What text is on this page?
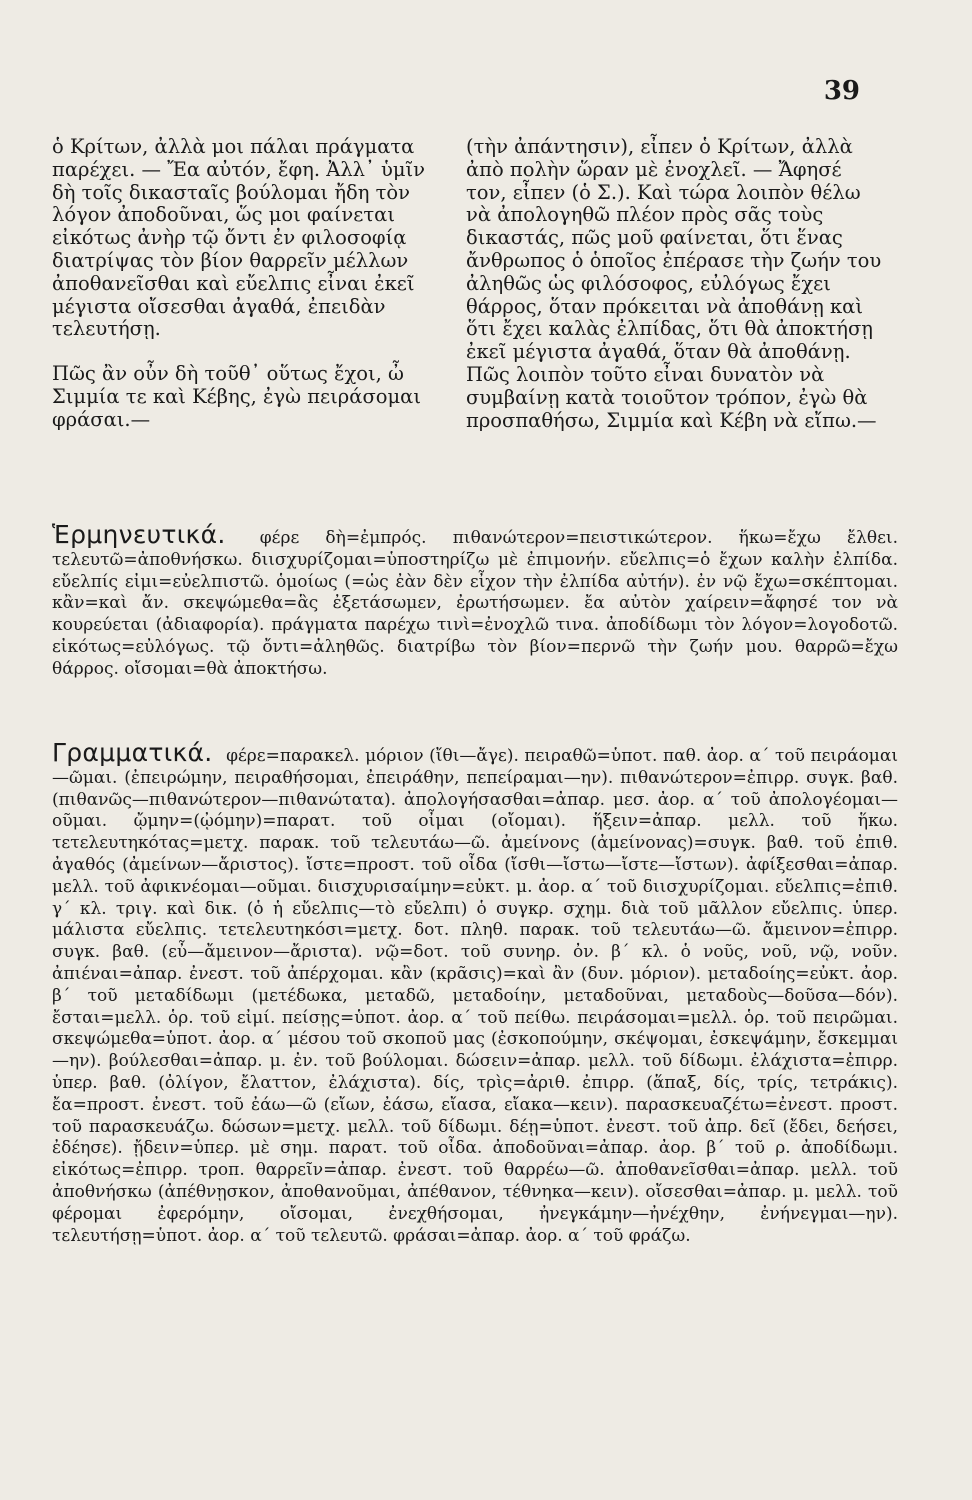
39

ὁ Κρίτων, ἀλλὰ μοι πάλαι πράγματα παρέχει. — Ἔα αὐτόν, ἔφη. Ἀλλ᾽ ὑμῖν δὴ τοῖς δικασταῖς βούλομαι ἤδη τὸν λόγον ἀποδοῦναι, ὥς μοι φαίνεται εἰκότως ἀνὴρ τῷ ὄντι ἐν φιλοσοφίᾳ διατρίψας τὸν βίον θαρρεῖν μέλλων ἀποθανεῖσθαι καὶ εὔελπις εἶναι ἐκεῖ μέγιστα οἴσεσθαι ἀγαθά, ἐπειδὰν τελευτήσῃ.

Πῶς ἂν οὖν δὴ τοῦθ᾽ οὕτως ἔχοι, ὦ Σιμμία τε καὶ Κέβης, ἐγὼ πειράσομαι φράσαι.—

(τὴν ἀπάντησιν), εἶπεν ὁ Κρίτων, ἀλλὰ ἀπὸ πολὴν ὥραν μὲ ἐνοχλεῖ. — Ἄφησέ τον, εἶπεν (ὁ Σ.). Καὶ τώρα λοιπὸν θέλω νὰ ἀπολογηθῶ πλέον πρὸς σᾶς τοὺς δικαστάς, πῶς μοῦ φαίνεται, ὅτι ἕνας ἄνθρωπος ὁ ὁποῖος ἐπέρασε τὴν ζωήν του ἀληθῶς ὡς φιλόσοφος, εὐλόγως ἔχει θάρρος, ὅταν πρόκειται νὰ ἀποθάνῃ καὶ ὅτι ἔχει καλὰς ἐλπίδας, ὅτι θὰ ἀποκτήσῃ ἐκεῖ μέγιστα ἀγαθά, ὅταν θὰ ἀποθάνῃ. Πῶς λοιπὸν τοῦτο εἶναι δυνατὸν νὰ συμβαίνῃ κατὰ τοιοῦτον τρόπον, ἐγὼ θὰ προσπαθήσω, Σιμμία καὶ Κέβη νὰ εἴπω.—

Ἑρμηνευτικά. φέρε δὴ=ἐμπρός. πιθανώτερον=πειστικώτερον. ἥκω=ἔχω ἔλθει. τελευτῶ=ἀποθνήσκω. διισχυρίζομαι=ὑποστηρίζω μὲ ἐπιμονήν. εὔελπις=ὁ ἔχων καλὴν ἐλπίδα. εὔελπίς εἰμι=εὐελπιστῶ. ὁμοίως (=ὡς ἐὰν δὲν εἶχον τὴν ἐλπίδα αὐτήν). ἐν νῷ ἔχω=σκέπτομαι. κἂν=καὶ ἄν. σκεψώμεθα=ἃς ἐξετάσωμεν, ἐρωτήσωμεν. ἔα αὐτὸν χαίρειν=ἄφησέ τον νὰ κουρεύεται (ἀδιαφορία). πράγματα παρέχω τινὶ=ἐνοχλῶ τινα. ἀποδίδωμι τὸν λόγον=λογοδοτῶ. εἰκότως=εὐλόγως. τῷ ὄντι=ἀληθῶς. διατρίβω τὸν βίον=περνῶ τὴν ζωήν μου. θαρρῶ=ἔχω θάρρος. οἴσομαι=θὰ ἀποκτήσω.
Γραμματικά. φέρε=παρακελ. μόριον (ἴθι—ἄγε). πειραθῶ=ὑποτ. παθ. ἀορ. α΄ τοῦ πειράομαι—ῶμαι. (ἐπειρώμην, πειραθήσομαι, ἐπειράθην, πεπείραμαι—ην). πιθανώτερον=ἐπιρρ. συγκ. βαθ. (πιθανῶς—πιθανώτερον—πιθανώτατα). ἀπολογήσασθαι=ἀπαρ. μεσ. ἀορ. α΄ τοῦ ἀπολογέομαι—οῦμαι. ᾤμην=(ᾠόμην)=παρατ. τοῦ οἶμαι (οἴομαι). ἥξειν=ἀπαρ. μελλ. τοῦ ἥκω. τετελευτηκότας=μετχ. παρακ. τοῦ τελευτάω—ῶ. ἀμείνονς (ἀμείνονας)=συγκ. βαθ. τοῦ ἐπιθ. ἀγαθός (ἀμείνων—ἄριστος). ἴστε=προστ. τοῦ οἶδα (ἴσθι—ἴστω—ἴστε—ἴστων). ἀφίξεσθαι=ἀπαρ. μελλ. τοῦ ἀφικνέομαι—οῦμαι. διισχυρισαίμην=εὐκτ. μ. ἀορ. α΄ τοῦ διισχυρίζομαι. εὔελπις=ἐπιθ. γ΄ κλ. τριγ. καὶ δικ. (ὁ ἡ εὔελπις—τὸ εὔελπι) ὁ συγκρ. σχημ. διὰ τοῦ μᾶλλον εὔελπις. ὑπερ. μάλιστα εὔελπις. τετελευτηκόσι=μετχ. δοτ. πληθ. παρακ. τοῦ τελευτάω—ῶ. ἄμεινον=ἐπιρρ. συγκ. βαθ. (εὖ—ἄμεινον—ἄριστα). νῷ=δοτ. τοῦ συνηρ. ὀν. β΄ κλ. ὁ νοῦς, νοῦ, νῷ, νοῦν. ἀπιέναι=ἀπαρ. ἐνεστ. τοῦ ἀπέρχομαι. κἂν (κρᾶσις)=καὶ ἂν (δυν. μόριον). μεταδοίης=εὐκτ. ἀορ. β΄ τοῦ μεταδίδωμι (μετέδωκα, μεταδῶ, μεταδοίην, μεταδοῦναι, μεταδοὺς—δοῦσα—δόν). ἔσται=μελλ. ὁρ. τοῦ εἰμί. πείσῃς=ὑποτ. ἀορ. α΄ τοῦ πείθω. πειράσομαι=μελλ. ὁρ. τοῦ πειρῶμαι. σκεψώμεθα=ὑποτ. ἀορ. α΄ μέσου τοῦ σκοποῦ μας (ἐσκοπούμην, σκέψομαι, ἐσκεψάμην, ἔσκεμμαι—ην). βούλεσθαι=ἀπαρ. μ. ἐν. τοῦ βούλομαι. δώσειν=ἀπαρ. μελλ. τοῦ δίδωμι. ἐλάχιστα=ἐπιρρ. ὑπερ. βαθ. (ὀλίγον, ἔλαττον, ἐλάχιστα). δίς, τρὶς=ἀριθ. ἐπιρρ. (ἅπαξ, δίς, τρίς, τετράκις). ἔα=προστ. ἐνεστ. τοῦ ἐάω—ῶ (εἴων, ἐάσω, εἴασα, εἴακα—κειν). παρασκευαζέτω=ἐνεστ. προστ. τοῦ παρασκευάζω. δώσων=μετχ. μελλ. τοῦ δίδωμι. δέῃ=ὑποτ. ἐνεστ. τοῦ ἀπρ. δεῖ (ἔδει, δεήσει, ἐδέησε). ᾔδειν=ὑπερ. μὲ σημ. παρατ. τοῦ οἶδα. ἀποδοῦναι=ἀπαρ. ἀορ. β΄ τοῦ ρ. ἀποδίδωμι. εἰκότως=ἐπιρρ. τροπ. θαρρεῖν=ἀπαρ. ἐνεστ. τοῦ θαρρέω—ῶ. ἀποθανεῖσθαι=ἀπαρ. μελλ. τοῦ ἀποθνήσκω (ἀπέθνῃσκον, ἀποθανοῦμαι, ἀπέθανον, τέθνηκα—κειν). οἴσεσθαι=ἀπαρ. μ. μελλ. τοῦ φέρομαι ἐφερόμην, οἴσομαι, ἐνεχθήσομαι, ἠνεγκάμην—ἠνέχθην, ἐνήνεγμαι—ην). τελευτήσῃ=ὑποτ. ἀορ. α΄ τοῦ τελευτῶ. φράσαι=ἀπαρ. ἀορ. α΄ τοῦ φράζω.
